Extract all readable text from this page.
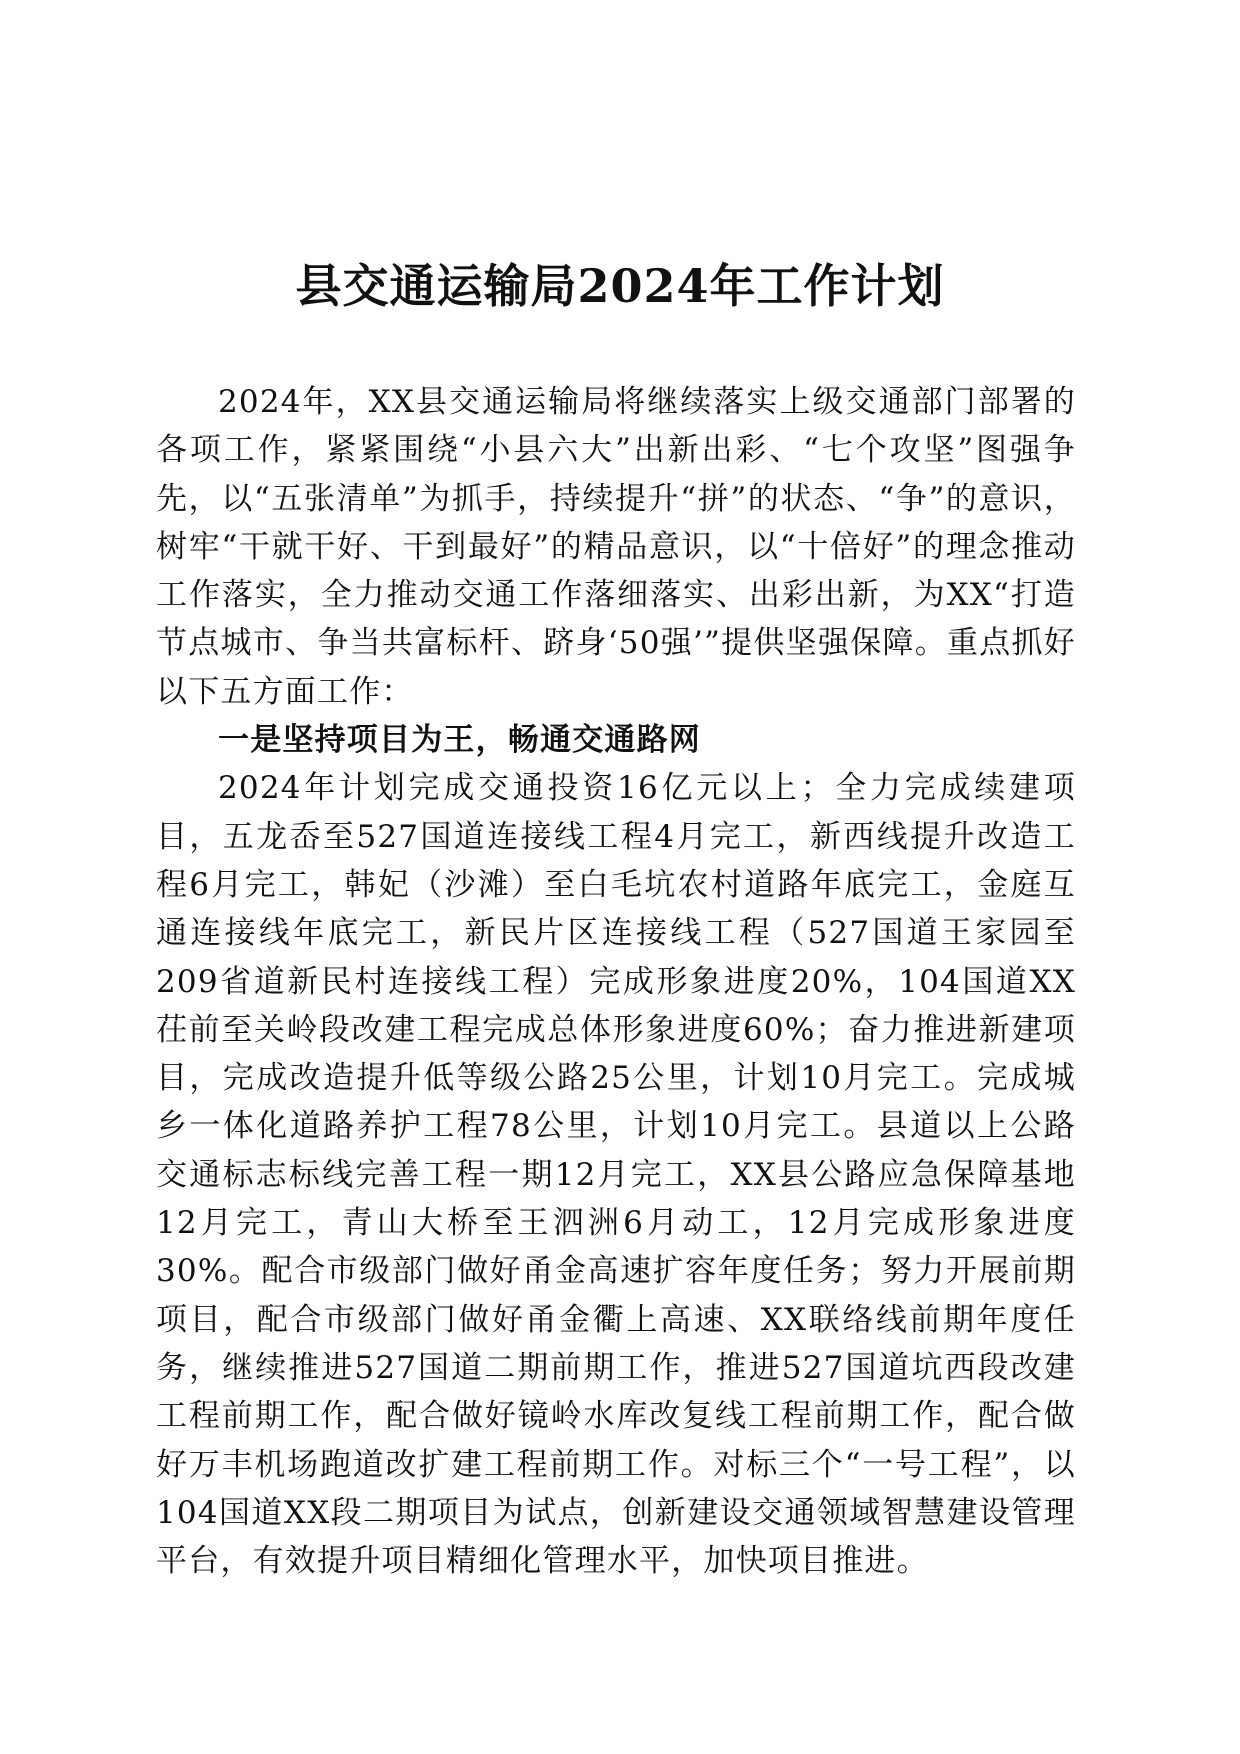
县交通运输局2024年工作计划

2024年，XX县交通运输局将继续落实上级交通部门部署的各项工作，紧紧围绕“小县六大”出新出彩、“七个攻坚”图强争先，以“五张清单”为抓手，持续提升“拼”的状态、“争”的意识，树牢“干就干好、干到最好”的精品意识，以“十倍好”的理念推动工作落实，全力推动交通工作落细落实、出彩出新，为XX“打造节点城市、争当共富标杆、跻身‘50强’”提供坚强保障。重点抓好以下五方面工作：

一是坚持项目为王，畅通交通路网

2024年计划完成交通投资16亿元以上；全力完成续建项目，五龙岙至527国道连接线工程4月完工，新西线提升改造工程6月完工，韩妃（沙滩）至白毛坑农村道路年底完工，金庭互通连接线年底完工，新民片区连接线工程（527国道王家园至209省道新民村连接线工程）完成形象进度20%，104国道XX茌前至关岭段改建工程完成总体形象进度60%；奋力推进新建项目，完成改造提升低等级公路25公里，计划10月完工。完成城乡一体化道路养护工程78公里，计划10月完工。县道以上公路交通标志标线完善工程一期12月完工，XX县公路应急保障基地12月完工，青山大桥至王泗洲6月动工，12月完成形象进度30%。配合市级部门做好甬金高速扩容年度任务；努力开展前期项目，配合市级部门做好甬金衢上高速、XX联络线前期年度任务，继续推进527国道二期前期工作，推进527国道坑西段改建工程前期工作，配合做好镜岭水库改复线工程前期工作，配合做好万丰机场跑道改扩建工程前期工作。对标三个“一号工程”，以104国道XX段二期项目为试点，创新建设交通领域智慧建设管理平台，有效提升项目精细化管理水平，加快项目推进。
